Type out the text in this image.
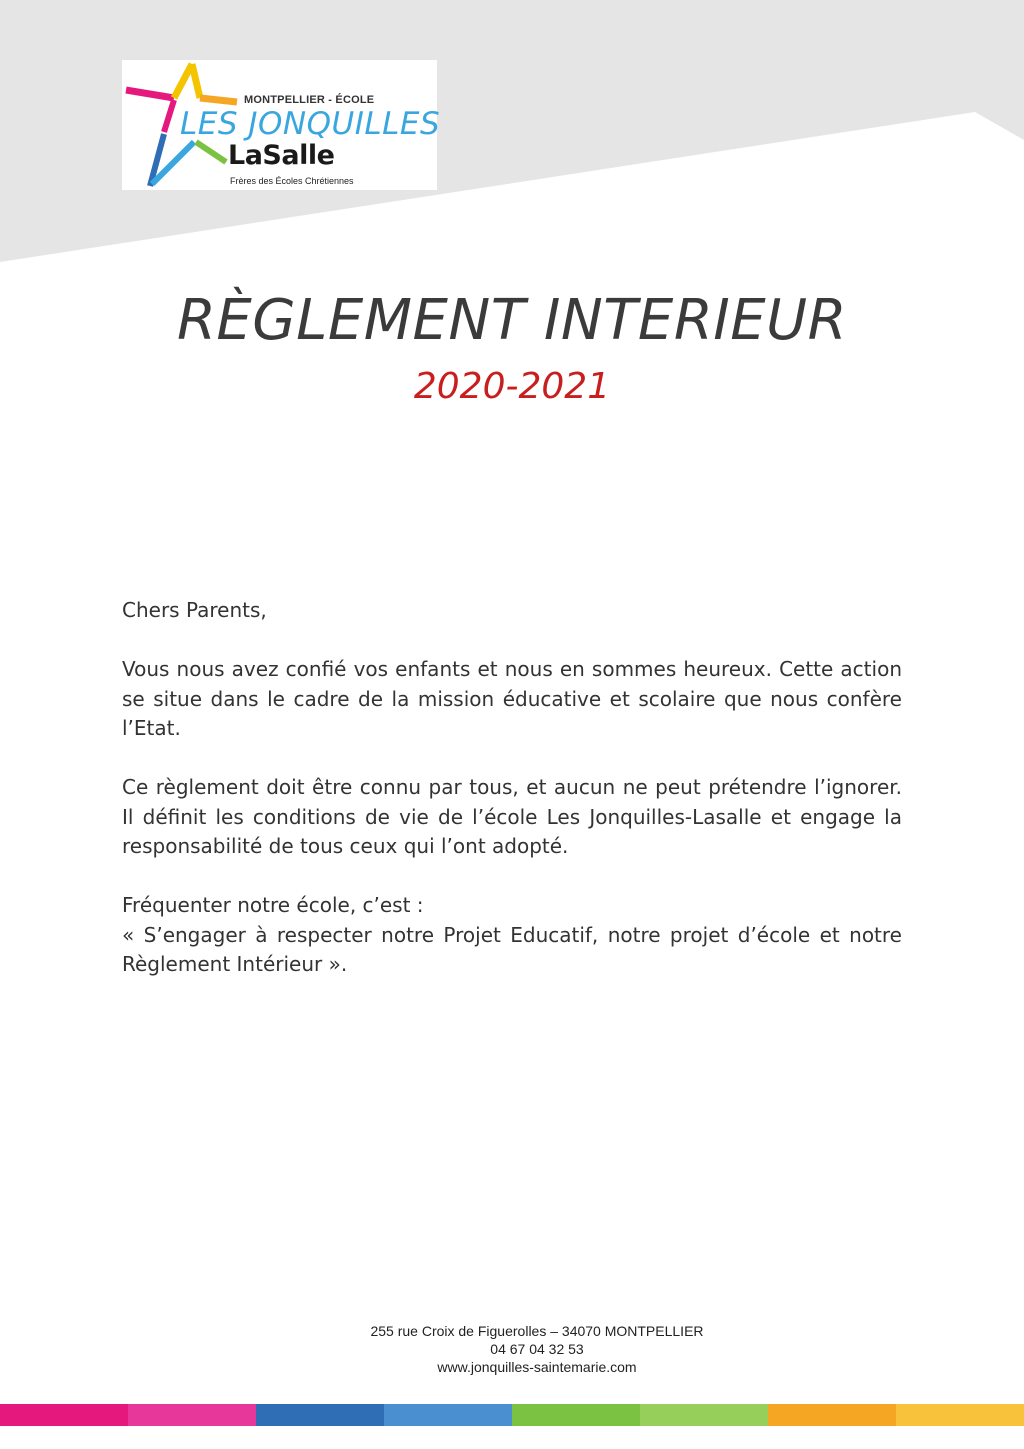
MONTPELLIER - ÉCOLE
LES JONQUILLES
LaSalle
Frères des Écoles Chrétiennes
RÈGLEMENT INTERIEUR
2020-2021

Chers Parents,

Vous nous avez confié vos enfants et nous en sommes heureux. Cette action se situe dans le cadre de la mission éducative et scolaire que nous confère l’Etat.

Ce règlement doit être connu par tous, et aucun ne peut prétendre l’ignorer. Il définit les conditions de vie de l’école Les Jonquilles-Lasalle et engage la responsabilité de tous ceux qui l’ont adopté.

Fréquenter notre école, c’est :

« S’engager à respecter notre Projet Educatif, notre projet d’école et notre Règlement Intérieur ».

255 rue Croix de Figuerolles – 34070 MONTPELLIER
04 67 04 32 53
www.jonquilles-saintemarie.com
